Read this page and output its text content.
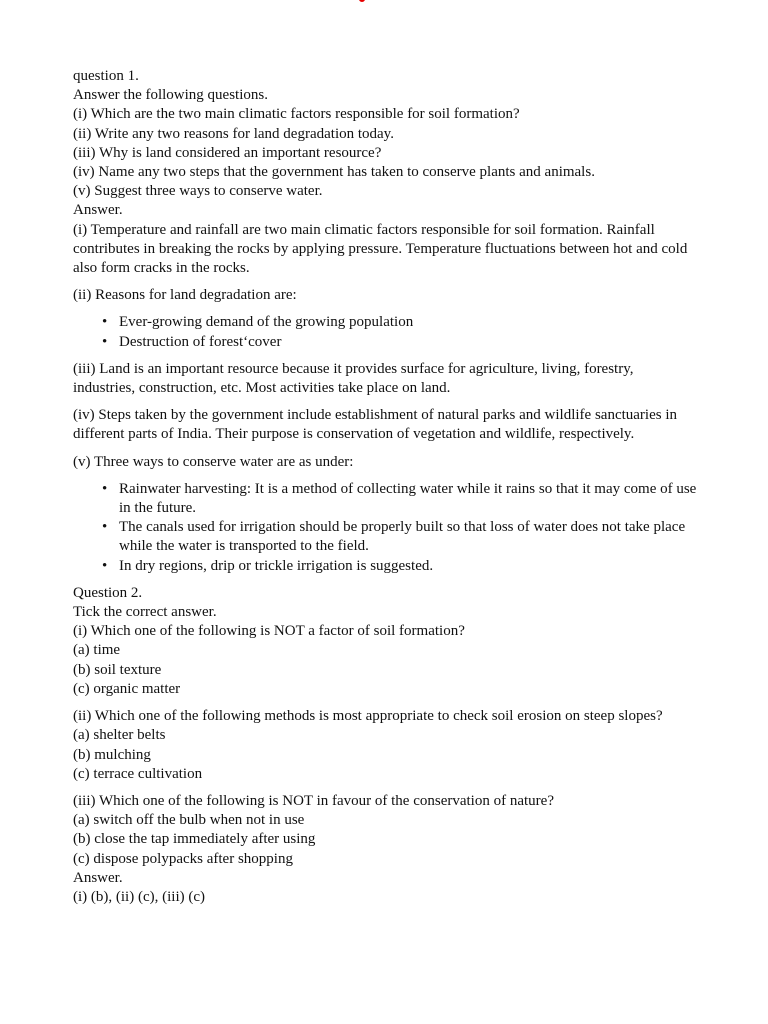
question 1.
Answer the following questions.
(i) Which are the two main climatic factors responsible for soil formation?
(ii) Write any two reasons for land degradation today.
(iii) Why is land considered an important resource?
(iv) Name any two steps that the government has taken to conserve plants and animals.
(v) Suggest three ways to conserve water.
Answer.

(i) Temperature and rainfall are two main climatic factors responsible for soil formation. Rainfall contributes in breaking the rocks by applying pressure. Temperature fluctuations between hot and cold also form cracks in the rocks.

(ii) Reasons for land degradation are:

• Ever-growing demand of the growing population
• Destruction of forest‘cover

(iii) Land is an important resource because it provides surface for agriculture, living, forestry, industries, construction, etc. Most activities take place on land.

(iv) Steps taken by the government include establishment of natural parks and wildlife sanctuaries in different parts of India. Their purpose is conservation of vegetation and wildlife, respectively.

(v) Three ways to conserve water are as under:

• Rainwater harvesting: It is a method of collecting water while it rains so that it may come of use in the future.
• The canals used for irrigation should be properly built so that loss of water does not take place while the water is transported to the field.
• In dry regions, drip or trickle irrigation is suggested.
Question 2.
Tick the correct answer.
(i) Which one of the following is NOT a factor of soil formation?
(a) time
(b) soil texture
(c) organic matter
(ii) Which one of the following methods is most appropriate to check soil erosion on steep slopes?
(a) shelter belts
(b) mulching
(c) terrace cultivation
(iii) Which one of the following is NOT in favour of the conservation of nature?
(a) switch off the bulb when not in use
(b) close the tap immediately after using
(c) dispose polypacks after shopping
Answer.
(i) (b), (ii) (c), (iii) (c)
